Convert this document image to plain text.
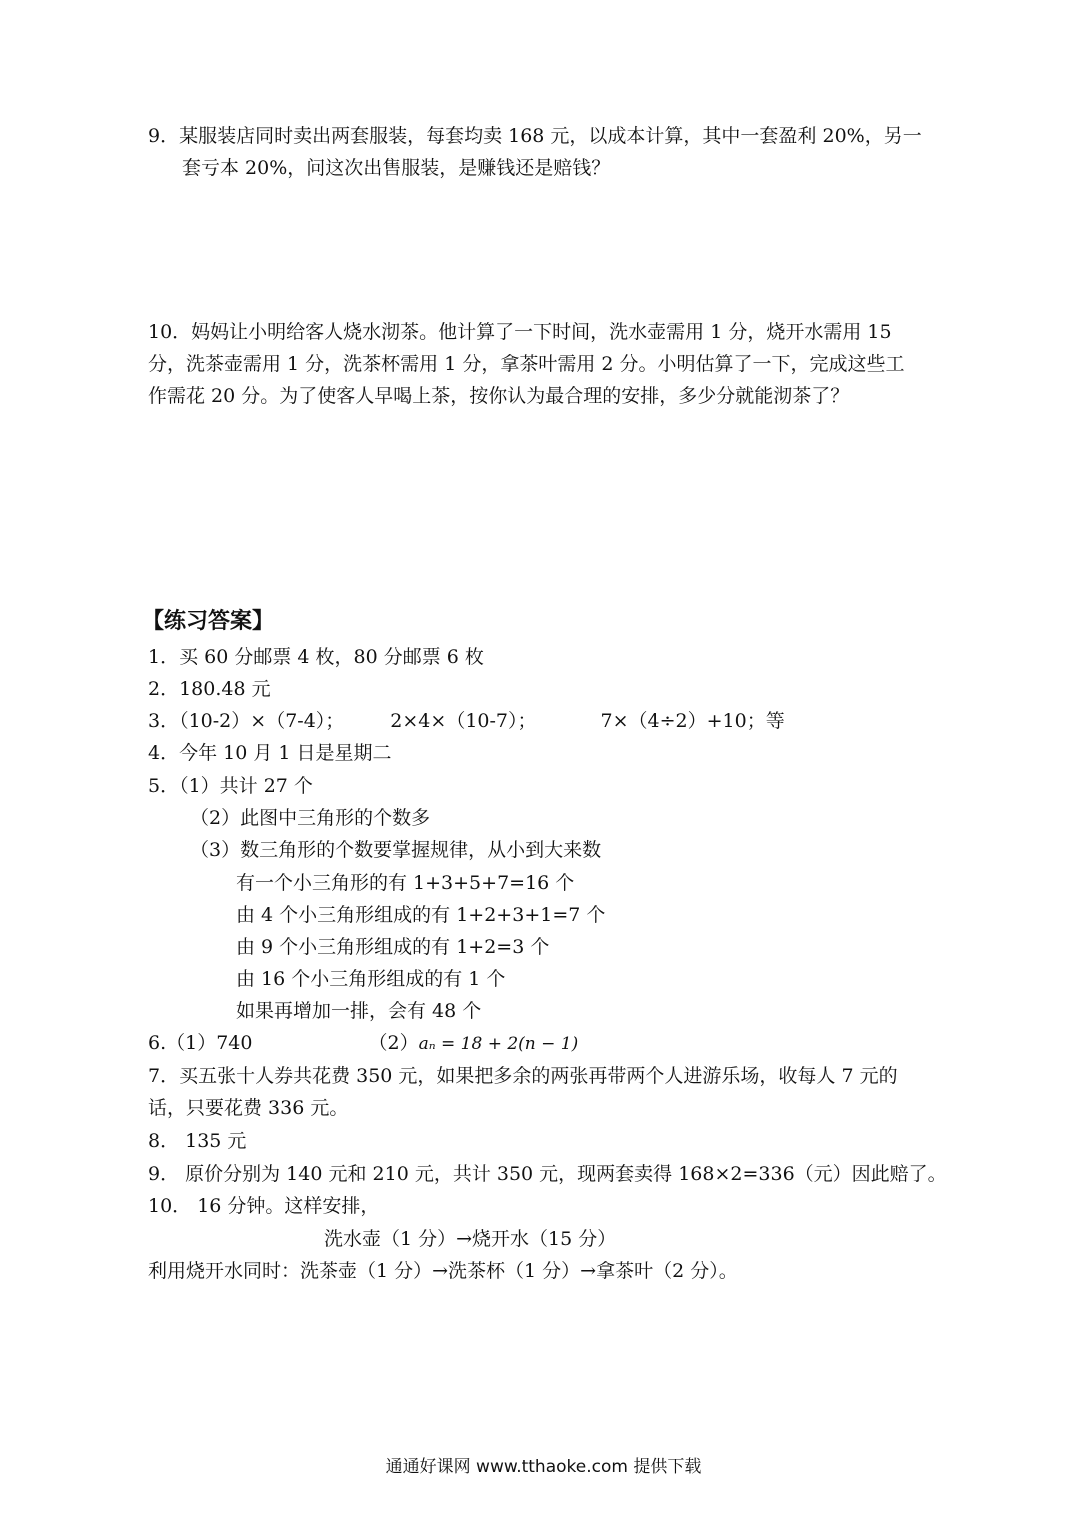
9．某服装店同时卖出两套服装，每套均卖 168 元，以成本计算，其中一套盈利 20%，另一
套亏本 20%，问这次出售服装，是赚钱还是赔钱？
10．妈妈让小明给客人烧水沏茶。他计算了一下时间，洗水壶需用 1 分，烧开水需用 15
分，洗茶壶需用 1 分，洗茶杯需用 1 分，拿茶叶需用 2 分。小明估算了一下，完成这些工
作需花 20 分。为了使客人早喝上茶，按你认为最合理的安排，多少分就能沏茶了？
【练习答案】
1．买 60 分邮票 4 枚，80 分邮票 6 枚
2．180.48 元
3．（10-2）×（7-4）； 2×4×（10-7）；	7×（4÷2）+10；等
4．今年 10 月 1 日是星期二
5．（1）共计 27 个
（2）此图中三角形的个数多
（3）数三角形的个数要掌握规律，从小到大来数
有一个小三角形的有 1+3+5+7=16 个
由 4 个小三角形组成的有 1+2+3+1=7 个
由 9 个小三角形组成的有 1+2=3 个
由 16 个小三角形组成的有 1 个
如果再增加一排，会有 48 个
6.（1）740	（2）aₙ = 18 + 2(n − 1)
7．买五张十人券共花费 350 元，如果把多余的两张再带两个人进游乐场，收每人 7 元的
话，只要花费 336 元。
8． 135 元
9． 原价分别为 140 元和 210 元，共计 350 元，现两套卖得 168×2=336（元）因此赔了。
10． 16 分钟。这样安排，
洗水壶（1 分）→烧开水（15 分）
利用烧开水同时：洗茶壶（1 分）→洗茶杯（1 分）→拿茶叶（2 分）。
通通好课网 www.tthaoke.com 提供下载
